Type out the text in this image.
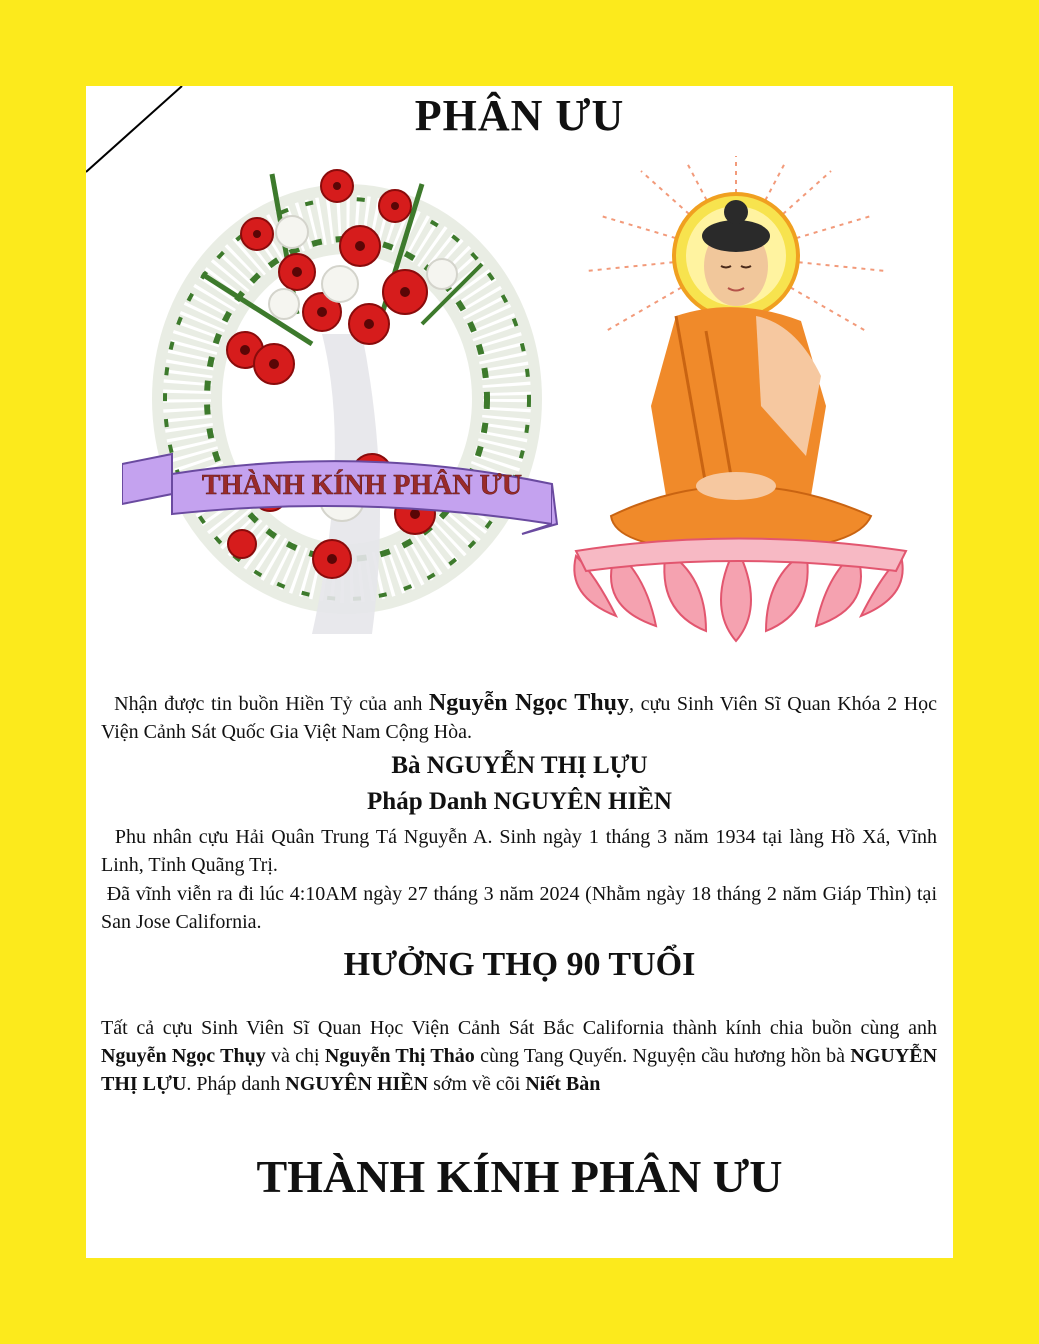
PHÂN ƯU
THÀNH KÍNH PHÂN ƯU
Nhận được tin buồn Hiền Tỷ của anh Nguyễn Ngọc Thụy, cựu Sinh Viên Sĩ Quan Khóa 2 Học Viện Cảnh Sát Quốc Gia Việt Nam Cộng Hòa.
Bà NGUYỄN THỊ LỰU
Pháp Danh NGUYÊN HIỀN
Phu nhân cựu Hải Quân Trung Tá Nguyễn A. Sinh ngày 1 tháng 3 năm 1934 tại làng Hồ Xá, Vĩnh Linh, Tỉnh Quãng Trị.
Đã vĩnh viễn ra đi lúc 4:10AM ngày 27 tháng 3 năm 2024 (Nhằm ngày 18 tháng 2 năm Giáp Thìn) tại San Jose California.
HƯỞNG THỌ 90 TUỔI
Tất cả cựu Sinh Viên Sĩ Quan Học Viện Cảnh Sát Bắc California thành kính chia buồn cùng anh Nguyễn Ngọc Thụy và chị Nguyễn Thị Thảo cùng Tang Quyến. Nguyện cầu hương hồn bà NGUYỄN THỊ LỰU. Pháp danh NGUYÊN HIỀN sớm về cõi Niết Bàn
THÀNH KÍNH PHÂN ƯU
